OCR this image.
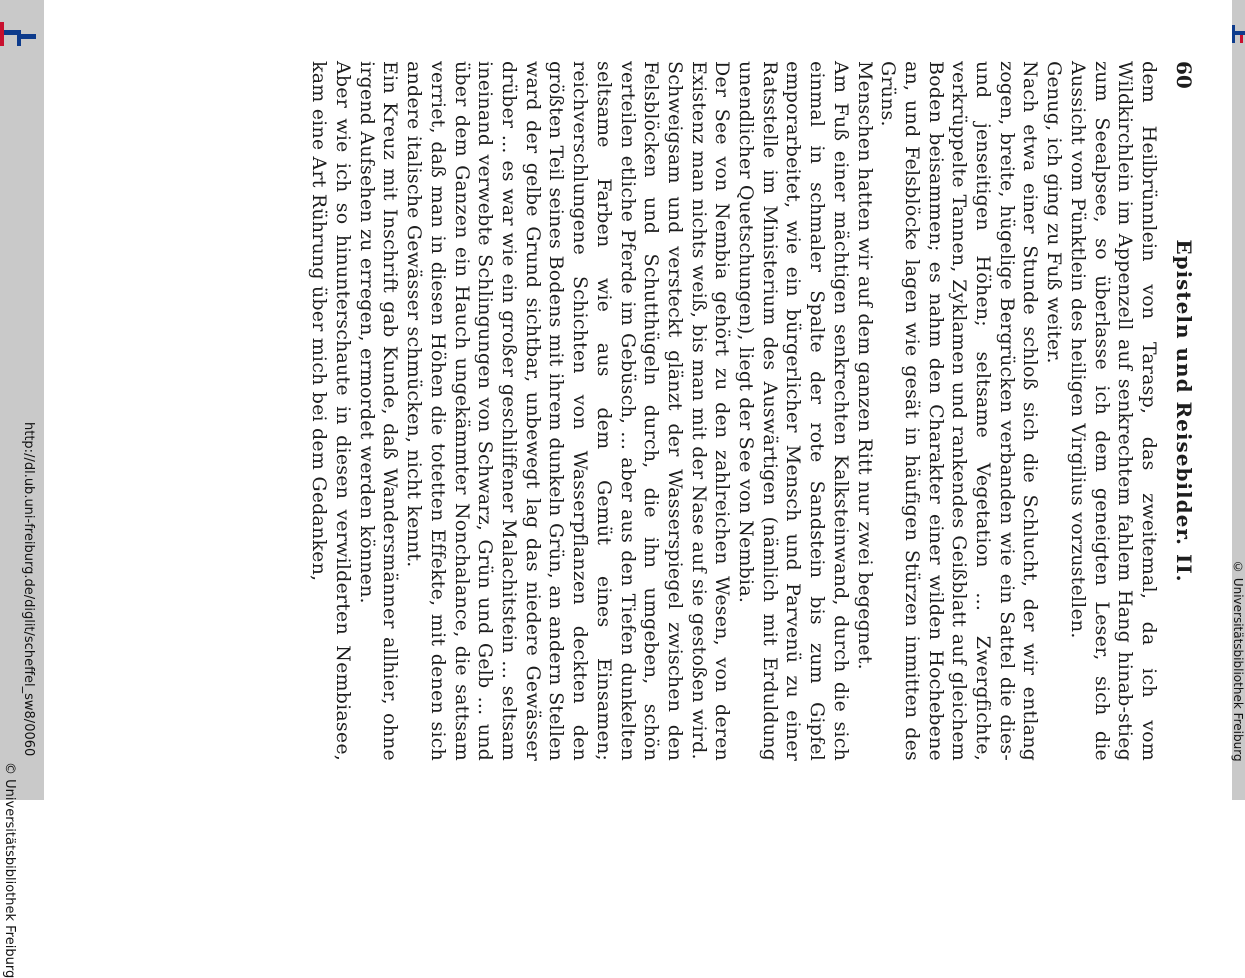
http://dl.ub.uni-freiburg.de/diglit/scheffel_sw8/0060
© Universitätsbibliothek Freiburg
© Universitätsbibliothek Freiburg
60
Episteln und Reisebilder. II.
dem Heilbrünnlein von Tarasp, das zweitemal, da ich vom Wildkirchlein im Appenzell auf senkrechtem fahlem Hang hinab-stieg zum Seealpsee, so überlasse ich dem geneigten Leser, sich die Aussicht vom Pünktlein des heiligen Virgilius vorzustellen.
Genug, ich ging zu Fuß weiter.
Nach etwa einer Stunde schloß sich die Schlucht, der wir entlang zogen, breite, hügelige Bergrücken verbanden wie ein Sattel die dies- und jenseitigen Höhen; seltsame Vegetation ... Zwergfichte, verkrüppelte Tannen, Zyklamen und rankendes Geißblatt auf gleichem Boden beisammen; es nahm den Charakter einer wilden Hochebene an, und Felsblöcke lagen wie gesät in häufigen Stürzen inmitten des Grüns.
Menschen hatten wir auf dem ganzen Ritt nur zwei begegnet.
Am Fuß einer mächtigen senkrechten Kalksteinwand, durch die sich einmal in schmaler Spalte der rote Sandstein bis zum Gipfel emporarbeitet, wie ein bürgerlicher Mensch und Parvenü zu einer Ratsstelle im Ministerium des Auswärtigen (nämlich mit Erduldung unendlicher Quetschungen), liegt der See von Nembia.
Der See von Nembia gehört zu den zahlreichen Wesen, von deren Existenz man nichts weiß, bis man mit der Nase auf sie gestoßen wird.
Schweigsam und versteckt glänzt der Wasserspiegel zwischen den Felsblöcken und Schutthügeln durch, die ihn umgeben, schön verteilen etliche Pferde im Gebüsch, ... aber aus den Tiefen dunkelten seltsame Farben wie aus dem Gemüt eines Einsamen; reichverschlungene Schichten von Wasserpflanzen deckten den größten Teil seines Bodens mit ihrem dunkeln Grün, an andern Stellen ward der gelbe Grund sichtbar, unbewegt lag das niedere Gewässer drüber ... es war wie ein großer geschliffener Malachitstein ... seltsam ineinand verwebte Schlingungen von Schwarz, Grün und Gelb ... und über dem Ganzen ein Hauch ungekämmter Nonchalance, die sattsam verriet, daß man in diesen Höhen die totetten Effekte, mit denen sich andere italische Gewässer schmücken, nicht kennt.
Ein Kreuz mit Inschrift gab Kunde, daß Wandersmänner allhier, ohne irgend Aufsehen zu erregen, ermordet werden können.
Aber wie ich so hinunterschaute in diesen verwilderten Nembiasee, kam eine Art Rührung über mich bei dem Gedanken,
